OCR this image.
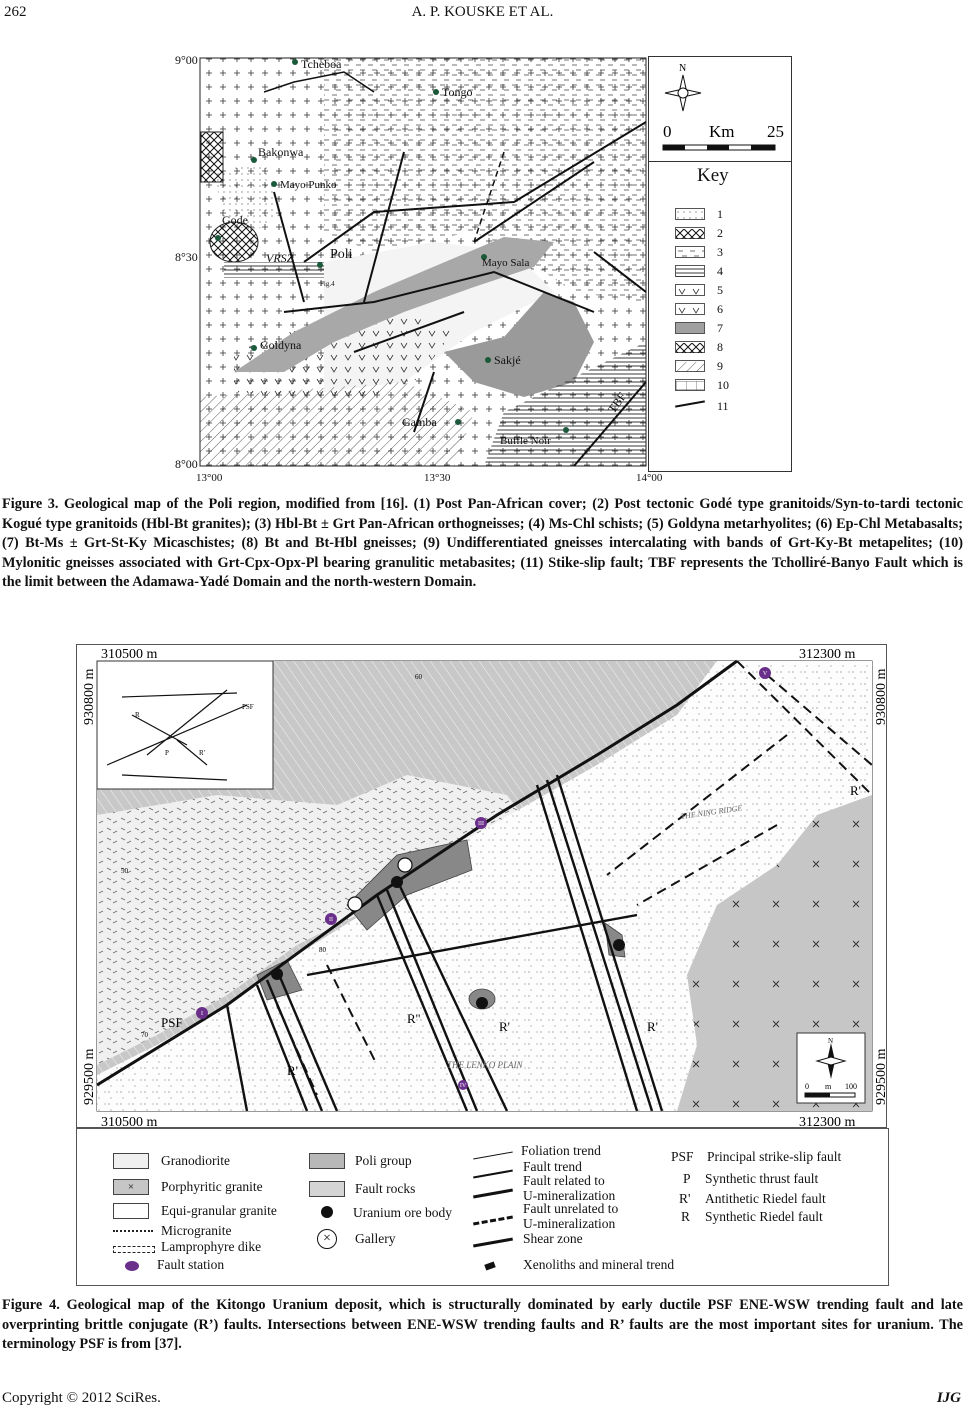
262	A. P. KOUSKE ET AL.
9°00
8°30
8°00
13°00	13°30	14°00
Tcheboa
Tongo
Bakonwa
Mayo Punko
Gode
VRSZ	Poli
Mayo Sala
Fig.4
Goldyna
Sakjé
Gamba
Buffle Noir
TBF
N
0 Km 25
Key
1
2
3
4
5
6
7
8
9
10
11
Figure 3. Geological map of the Poli region, modified from [16]. (1) Post Pan-African cover; (2) Post tectonic Godé type granitoids/Syn-to-tardi tectonic Kogué type granitoids (Hbl-Bt granites); (3) Hbl-Bt ± Grt Pan-African orthogneisses; (4) Ms-Chl schists; (5) Goldyna metarhyolites; (6) Ep-Chl Metabasalts; (7) Bt-Ms ± Grt-St-Ky Micaschistes; (8) Bt and Bt-Hbl gneisses; (9) Undifferentiated gneisses intercalating with bands of Grt-Ky-Bt metapelites; (10) Mylonitic gneisses associated with Grt-Cpx-Opx-Pl bearing granulitic metabasites; (11) Stike-slip fault; TBF represents the Tcholliré-Banyo Fault which is the limit between the Adamawa-Yadé Domain and the north-western Domain.
I
II
III
IV
V
R
PSF
P	R'
PSF
R'
R''
R'	R'
R'
THE NING RIDGE
THE LENKO PLAIN
60
50
80
70
N
0 m 100
310500 m	312300 m
310500 m	312300 m
930800 m
929500 m
930800 m
929500 m
Granodiorite
×	Porphyritic granite
Equi-granular granite
Microgranite
Lamprophyre dike
Fault station
Poli group
Fault rocks
Uranium ore body
×	Gallery
Foliation trend
Fault trend
Fault related to
U-mineralization
Fault unrelated to
U-mineralization
Shear zone
Xenoliths and mineral trend
PSF Principal strike-slip fault
P Synthetic thrust fault
R' Antithetic Riedel fault
R Synthetic Riedel fault
Figure 4. Geological map of the Kitongo Uranium deposit, which is structurally dominated by early ductile PSF ENE-WSW trending fault and late overprinting brittle conjugate (R’) faults. Intersections between ENE-WSW trending faults and R’ faults are the most important sites for uranium. The terminology PSF is from [37].
Copyright © 2012 SciRes.	IJG
